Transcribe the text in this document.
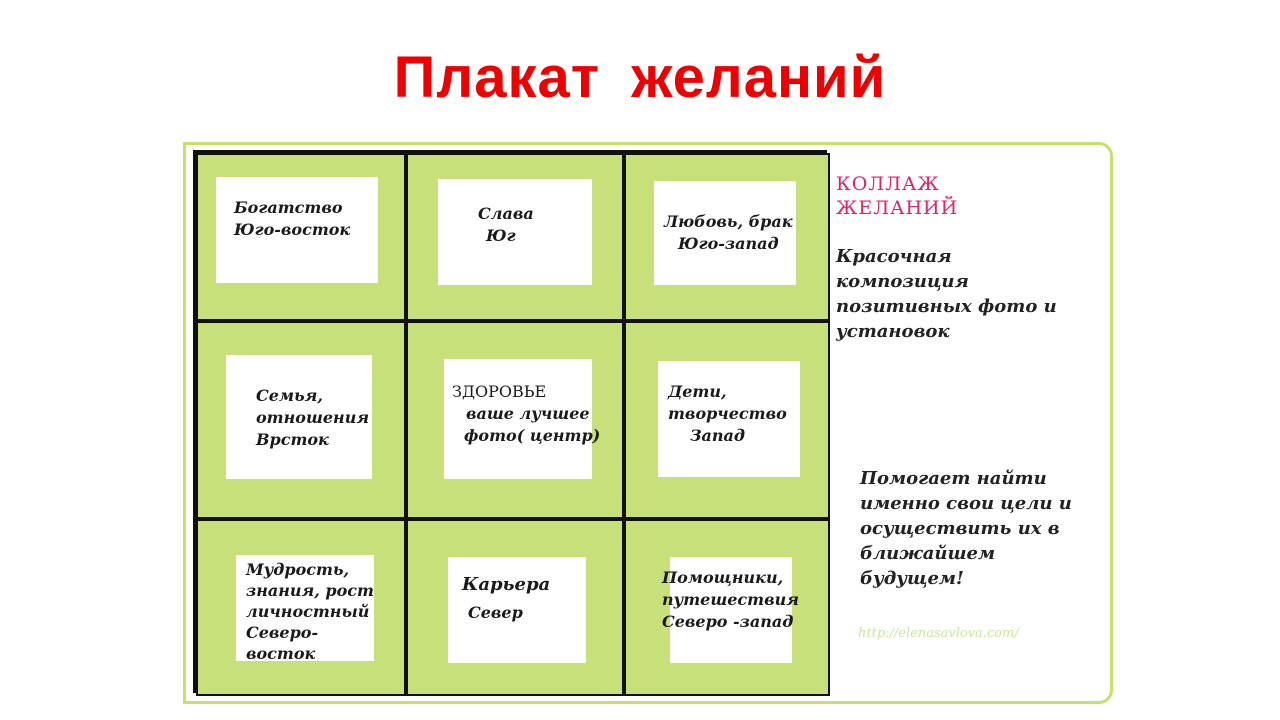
Плакат желаний
Богатство
Юго-восток
Слава
Юг
Любовь, брак
Юго-запад
Семья,
отношения
Врсток
ЗДОРОВЬЕ
ваше лучшее
фото( центр)
Дети,
творчество
Запад
Мудрость,
знания, рост
личностный
Северо-
восток
Карьера
Север
Помощники,
путешествия
Северо -запад
КОЛЛАЖ
ЖЕЛАНИЙ
Красочная
композиция
позитивных фото и
установок
Помогает найти
именно свои цели и
осуществить их в
ближайшем
будущем!
http://elenasavlova.com/
